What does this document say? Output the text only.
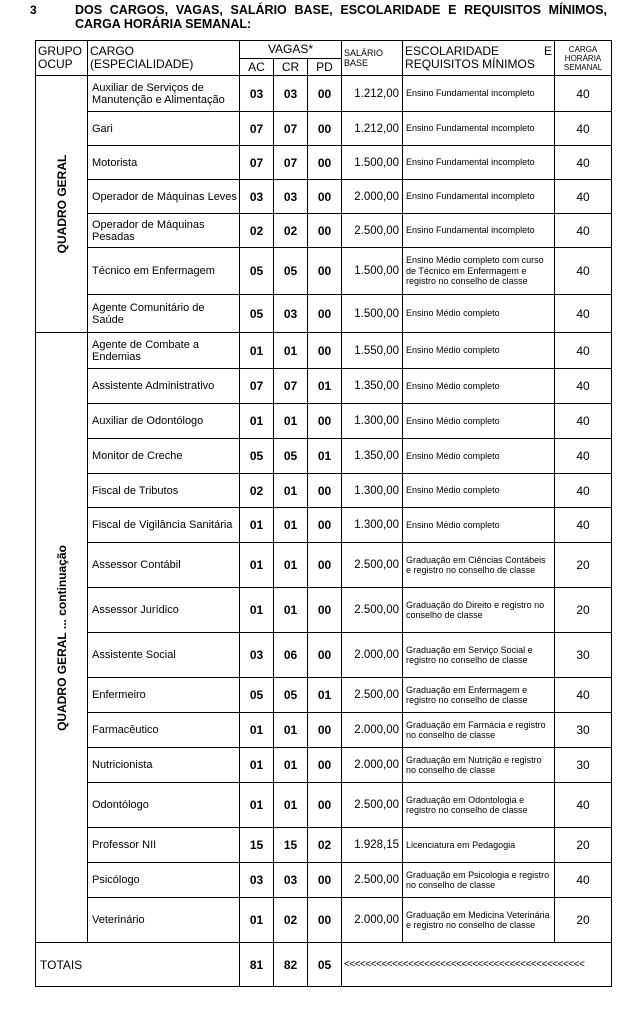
3	DOS CARGOS, VAGAS, SALÁRIO BASE, ESCOLARIDADE E REQUISITOS MÍNIMOS, CARGA HORÁRIA SEMANAL:
GRUPO OCUP	CARGO (ESPECIALIDADE)	VAGAS*			SALÁRIO BASE	ESCOLARIDADE E REQUISITOS MÍNIMOS	CARGA HORÁRIA SEMANAL
		AC	CR	PD			

QUADRO GERAL	Auxiliar de Serviços de Manutenção e Alimentação	03	03	00	1.212,00	Ensino Fundamental incompleto	40
	Gari	07	07	00	1.212,00	Ensino Fundamental incompleto	40
	Motorista	07	07	00	1.500,00	Ensino Fundamental incompleto	40
	Operador de Máquinas Leves	03	03	00	2.000,00	Ensino Fundamental incompleto	40
	Operador de Máquinas Pesadas	02	02	00	2.500,00	Ensino Fundamental incompleto	40
	Técnico em Enfermagem	05	05	00	1.500,00	Ensino Médio completo com curso de Técnico em Enfermagem e registro no conselho de classe	40
	Agente Comunitário de Saúde	05	03	00	1.500,00	Ensino Médio completo	40

QUADRO GERAL ... continuação	Agente de Combate a Endemias	01	01	00	1.550,00	Ensino Médio completo	40
	Assistente Administrativo	07	07	01	1.350,00	Ensino Médio completo	40
	Auxiliar de Odontólogo	01	01	00	1.300,00	Ensino Médio completo	40
	Monitor de Creche	05	05	01	1.350,00	Ensino Médio completo	40
	Fiscal de Tributos	02	01	00	1.300,00	Ensino Médio completo	40
	Fiscal de Vigilância Sanitária	01	01	00	1.300,00	Ensino Médio completo	40
	Assessor Contábil	01	01	00	2.500,00	Graduação em Ciências Contábeis e registro no conselho de classe	20
	Assessor Jurídico	01	01	00	2.500,00	Graduação do Direito e registro no conselho de classe	20
	Assistente Social	03	06	00	2.000,00	Graduação em Serviço Social e registro no conselho de classe	30
	Enfermeiro	05	05	01	2.500,00	Graduação em Enfermagem e registro no conselho de classe	40
	Farmacêutico	01	01	00	2.000,00	Graduação em Farmácia e registro no conselho de classe	30
	Nutricionista	01	01	00	2.000,00	Graduação em Nutrição e registro no conselho de classe	30
	Odontólogo	01	01	00	2.500,00	Graduação em Odontologia e registro no conselho de classe	40
	Professor NII	15	15	02	1.928,15	Licenciatura em Pedagogia	20
	Psicólogo	03	03	00	2.500,00	Graduação em Psicologia e registro no conselho de classe	40
	Veterinário	01	02	00	2.000,00	Graduação em Medicina Veterinária e registro no conselho de classe	20
TOTAIS		81	82	05	<<<<<<<<<<<<<<<<<<<<<<<<<<<<<<<<<<<<<<<<<<<<<		
